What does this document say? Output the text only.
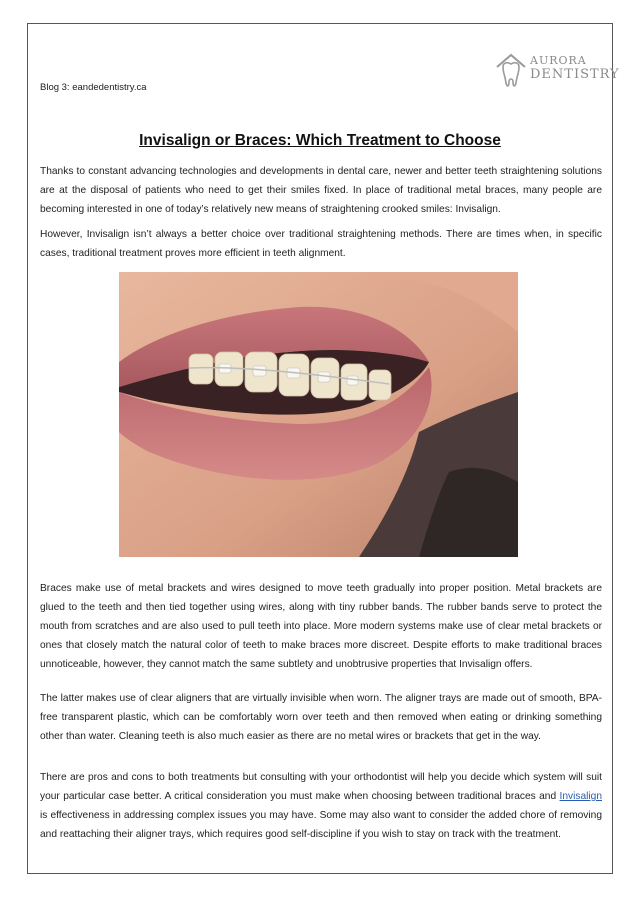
Blog 3: eandedentistry.ca
AURORA
DENTISTRY
Invisalign or Braces: Which Treatment to Choose
Thanks to constant advancing technologies and developments in dental care, newer and better teeth straightening solutions are at the disposal of patients who need to get their smiles fixed. In place of traditional metal braces, many people are becoming interested in one of today’s relatively new means of straightening crooked smiles: Invisalign.
However, Invisalign isn’t always a better choice over traditional straightening methods. There are times when, in specific cases, traditional treatment proves more efficient in teeth alignment.
Braces make use of metal brackets and wires designed to move teeth gradually into proper position. Metal brackets are glued to the teeth and then tied together using wires, along with tiny rubber bands. The rubber bands serve to protect the mouth from scratches and are also used to pull teeth into place. More modern systems make use of clear metal brackets or ones that closely match the natural color of teeth to make braces more discreet. Despite efforts to make traditional braces unnoticeable, however, they cannot match the same subtlety and unobtrusive properties that Invisalign offers.
The latter makes use of clear aligners that are virtually invisible when worn. The aligner trays are made out of smooth, BPA-free transparent plastic, which can be comfortably worn over teeth and then removed when eating or drinking something other than water. Cleaning teeth is also much easier as there are no metal wires or brackets that get in the way.
There are pros and cons to both treatments but consulting with your orthodontist will help you decide which system will suit your particular case better. A critical consideration you must make when choosing between traditional braces and Invisalign is effectiveness in addressing complex issues you may have. Some may also want to consider the added chore of removing and reattaching their aligner trays, which requires good self-discipline if you wish to stay on track with the treatment.
